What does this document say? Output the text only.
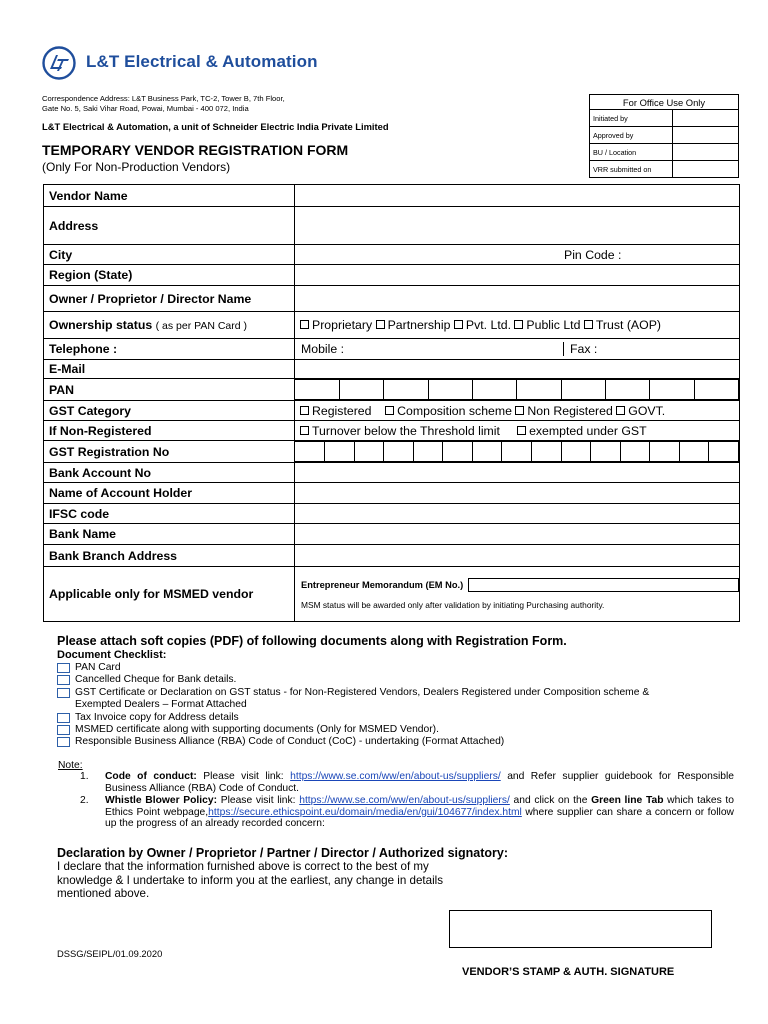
L&T Electrical & Automation
Correspondence Address: L&T Business Park, TC-2, Tower B, 7th Floor,
Gate No. 5, Saki Vihar Road, Powai, Mumbai - 400 072, India
L&T Electrical & Automation, a unit of Schneider Electric India Private Limited
TEMPORARY VENDOR REGISTRATION FORM
(Only For Non-Production Vendors)
For Office Use Only	
Initiated by	
Approved by	
BU / Location	
VRR submitted on	
Vendor Name	
Address	
City	Pin Code :

Region (State)	
Owner / Proprietor / Director Name	
Ownership status ( as per PAN Card )	Proprietary Partnership Pvt. Ltd. Public Ltd Trust (AOP)
Telephone :	Mobile :	Fax :

E-Mail	
PAN	

GST Category	Registered Composition scheme Non Registered GOVT.
If Non-Registered	Turnover below the Threshold limit exempted under GST
GST Registration No	

Bank Account No	
Name of Account Holder	
IFSC code	
Bank Name	
Bank Branch Address	
Applicable only for MSMED vendor	
Entrepreneur Memorandum (EM No.)
MSM status will be awarded only after validation by initiating Purchasing authority.
Please attach soft copies (PDF) of following documents along with Registration Form.
Document Checklist:
PAN Card
Cancelled Cheque for Bank details.
GST Certificate or Declaration on GST status - for Non-Registered Vendors, Dealers Registered under Composition scheme &
Exempted Dealers – Format Attached
Tax Invoice copy for Address details
MSMED certificate along with supporting documents (Only for MSMED Vendor).
Responsible Business Alliance (RBA) Code of Conduct (CoC) - undertaking (Format Attached)
Note:
1.	Code of conduct: Please visit link: https://www.se.com/ww/en/about-us/suppliers/ and Refer supplier guidebook for Responsible Business Alliance (RBA) Code of Conduct.
2.	Whistle Blower Policy: Please visit link: https://www.se.com/ww/en/about-us/suppliers/ and click on the Green line Tab which takes to Ethics Point webpage,https://secure.ethicspoint.eu/domain/media/en/gui/104677/index.html where supplier can share a concern or follow up the progress of an already recorded concern:
Declaration by Owner / Proprietor / Partner / Director / Authorized signatory:
I declare that the information furnished above is correct to the best of my
knowledge & I undertake to inform you at the earliest, any change in details
mentioned above.
DSSG/SEIPL/01.09.2020
VENDOR’S STAMP & AUTH. SIGNATURE
